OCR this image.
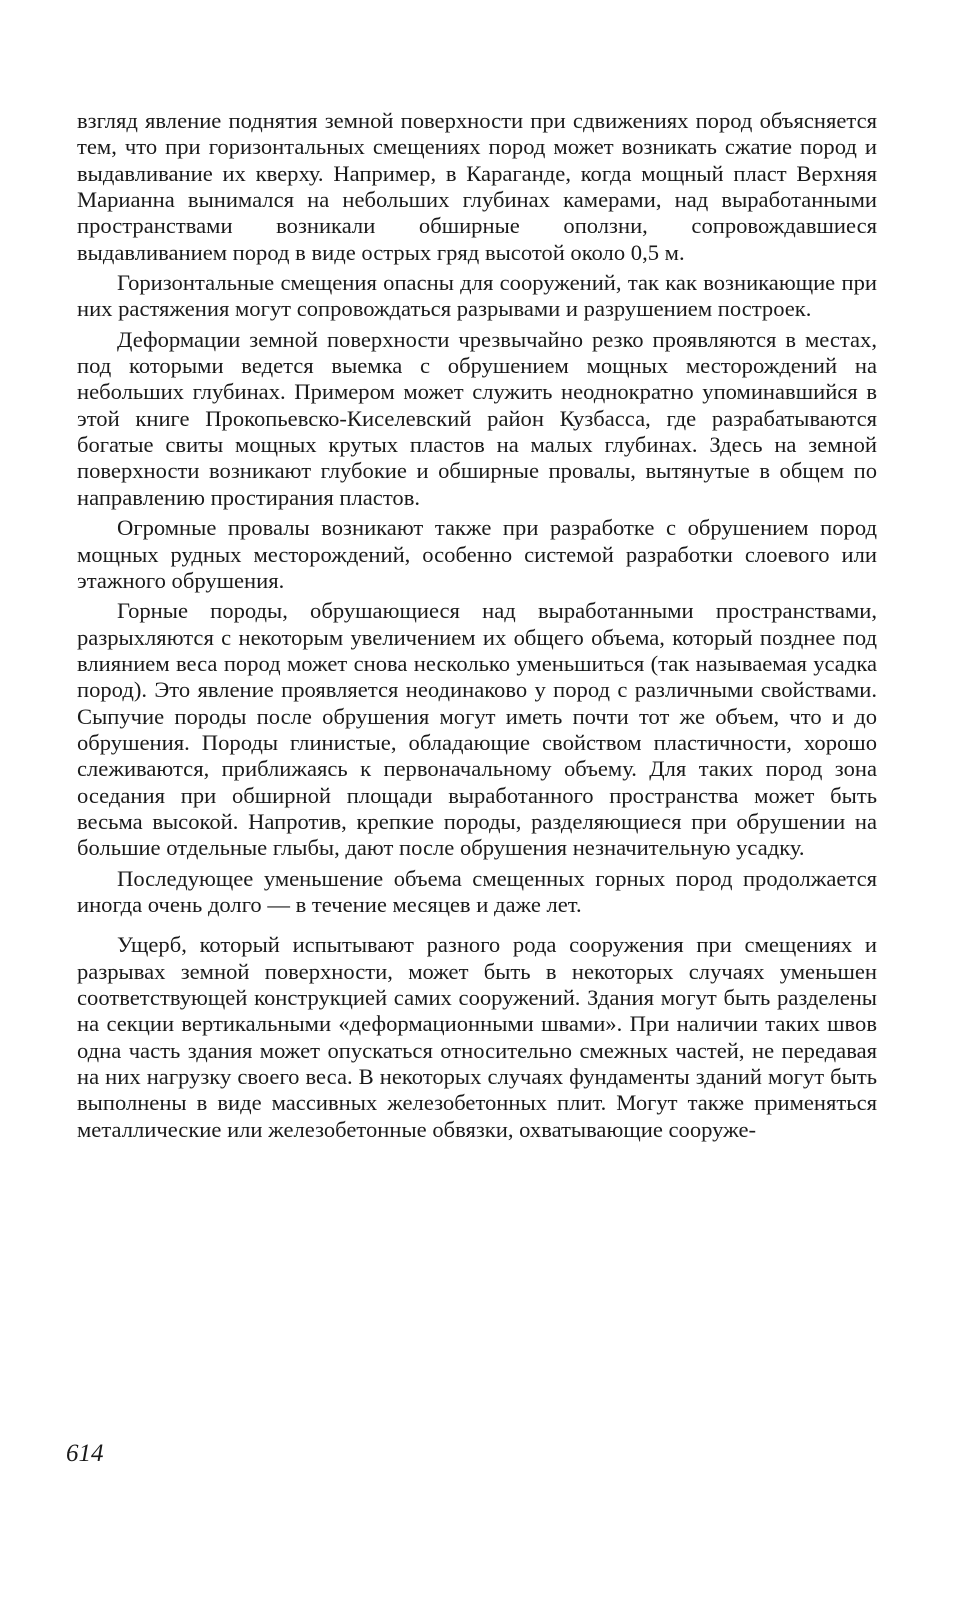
взгляд явление поднятия земной поверхности при сдвижениях пород объясняется тем, что при горизонтальных смещениях пород может возникать сжатие пород и выдавливание их кверху. Например, в Караганде, когда мощный пласт Верхняя Марианна вынимался на небольших глубинах камерами, над выработанными пространствами возникали обширные оползни, сопровождавшиеся выдавливанием пород в виде острых гряд высотой около 0,5 м.

Горизонтальные смещения опасны для сооружений, так как возникающие при них растяжения могут сопровождаться разрывами и разрушением построек.

Деформации земной поверхности чрезвычайно резко проявляются в местах, под которыми ведется выемка с обрушением мощных месторождений на небольших глубинах. Примером может служить неоднократно упоминавшийся в этой книге Прокопьевско-Киселевский район Кузбасса, где разрабатываются богатые свиты мощных крутых пластов на малых глубинах. Здесь на земной поверхности возникают глубокие и обширные провалы, вытянутые в общем по направлению простирания пластов.

Огромные провалы возникают также при разработке с обрушением пород мощных рудных месторождений, особенно системой разработки слоевого или этажного обрушения.

Горные породы, обрушающиеся над выработанными пространствами, разрыхляются с некоторым увеличением их общего объема, который позднее под влиянием веса пород может снова несколько уменьшиться (так называемая усадка пород). Это явление проявляется неодинаково у пород с различными свойствами. Сыпучие породы после обрушения могут иметь почти тот же объем, что и до обрушения. Породы глинистые, обладающие свойством пластичности, хорошо слеживаются, приближаясь к первоначальному объему. Для таких пород зона оседания при обширной площади выработанного пространства может быть весьма высокой. Напротив, крепкие породы, разделяющиеся при обрушении на большие отдельные глыбы, дают после обрушения незначительную усадку.

Последующее уменьшение объема смещенных горных пород продолжается иногда очень долго — в течение месяцев и даже лет.

Ущерб, который испытывают разного рода сооружения при смещениях и разрывах земной поверхности, может быть в некоторых случаях уменьшен соответствующей конструкцией самих сооружений. Здания могут быть разделены на секции вертикальными «деформационными швами». При наличии таких швов одна часть здания может опускаться относительно смежных частей, не передавая на них нагрузку своего веса. В некоторых случаях фундаменты зданий могут быть выполнены в виде массивных железобетонных плит. Могут также применяться металлические или железобетонные обвязки, охватывающие сооруже-

614
